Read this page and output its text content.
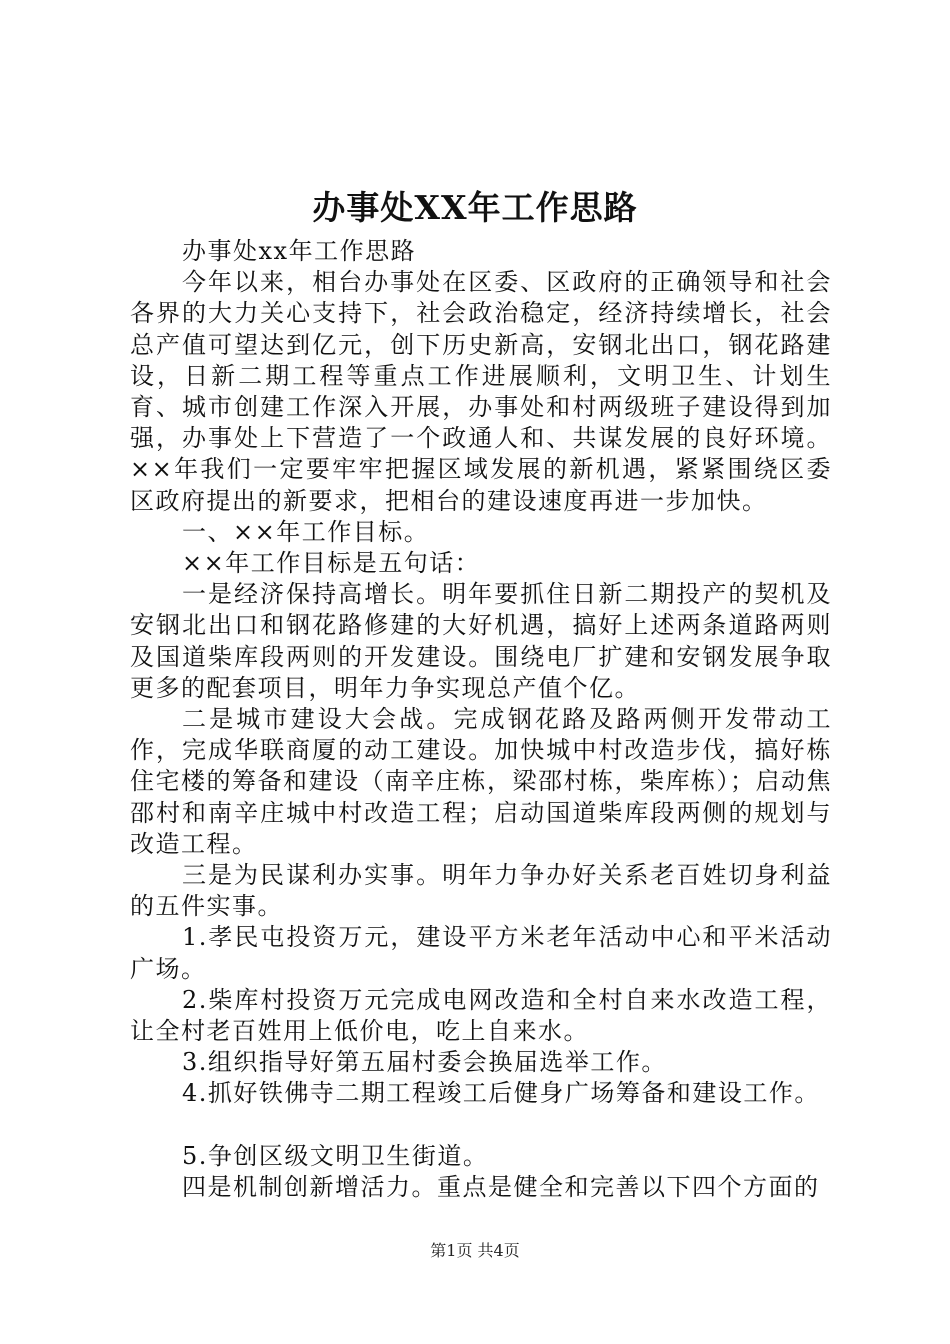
办事处XX年工作思路

办事处xx年工作思路

今年以来，相台办事处在区委、区政府的正确领导和社会各界的大力关心支持下，社会政治稳定，经济持续增长，社会总产值可望达到亿元，创下历史新高，安钢北出口，钢花路建设，日新二期工程等重点工作进展顺利，文明卫生、计划生育、城市创建工作深入开展，办事处和村两级班子建设得到加强，办事处上下营造了一个政通人和、共谋发展的良好环境。××年我们一定要牢牢把握区域发展的新机遇，紧紧围绕区委区政府提出的新要求，把相台的建设速度再进一步加快。

一、××年工作目标。

××年工作目标是五句话：

一是经济保持高增长。明年要抓住日新二期投产的契机及安钢北出口和钢花路修建的大好机遇，搞好上述两条道路两则及国道柴库段两则的开发建设。围绕电厂扩建和安钢发展争取更多的配套项目，明年力争实现总产值个亿。

二是城市建设大会战。完成钢花路及路两侧开发带动工作，完成华联商厦的动工建设。加快城中村改造步伐，搞好栋住宅楼的筹备和建设（南辛庄栋，梁邵村栋，柴库栋）；启动焦邵村和南辛庄城中村改造工程；启动国道柴库段两侧的规划与改造工程。

三是为民谋利办实事。明年力争办好关系老百姓切身利益的五件实事。

1.孝民屯投资万元，建设平方米老年活动中心和平米活动广场。

2.柴库村投资万元完成电网改造和全村自来水改造工程，让全村老百姓用上低价电，吃上自来水。

3.组织指导好第五届村委会换届选举工作。

4.抓好铁佛寺二期工程竣工后健身广场筹备和建设工作。

5.争创区级文明卫生街道。

四是机制创新增活力。重点是健全和完善以下四个方面的

第1页 共4页
